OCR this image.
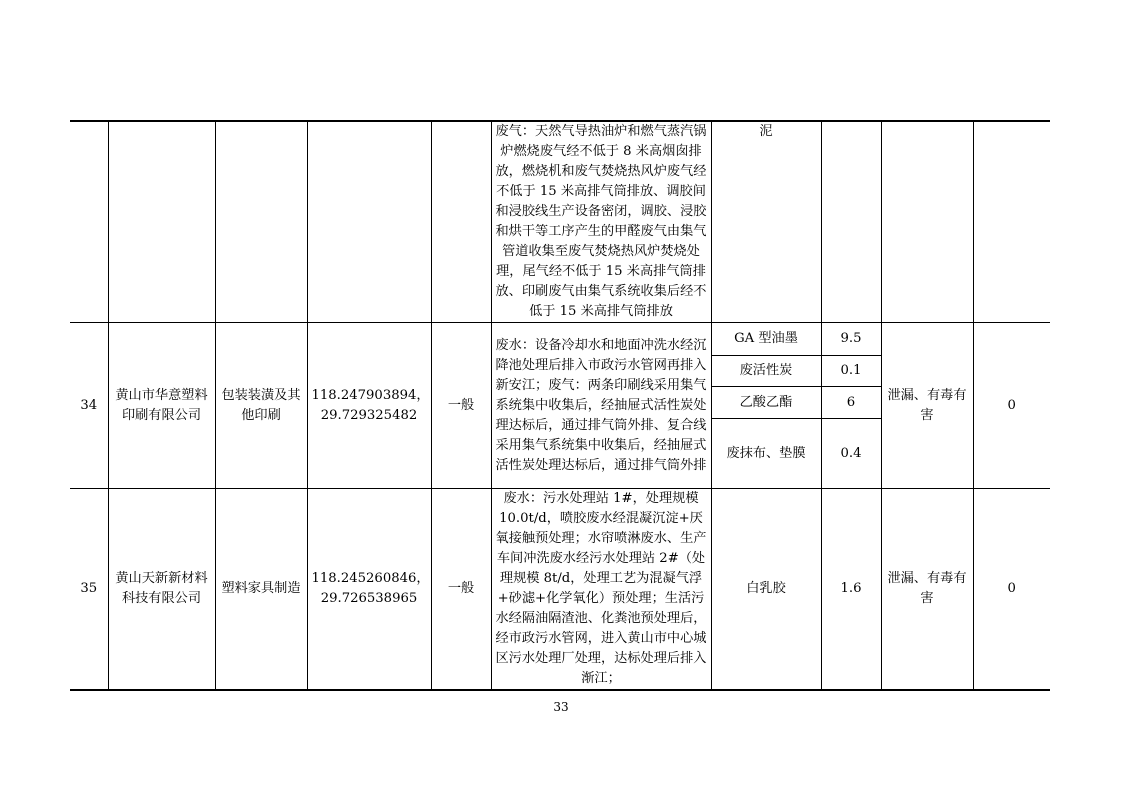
					废气：天然气导热油炉和燃气蒸汽锅炉燃烧废气经不低于 8 米高烟囱排放，燃烧机和废气焚烧热风炉废气经不低于 15 米高排气筒排放、调胶间和浸胶线生产设备密闭，调胶、浸胶和烘干等工序产生的甲醛废气由集气管道收集至废气焚烧热风炉焚烧处理，尾气经不低于 15 米高排气筒排放、印刷废气由集气系统收集后经不低于 15 米高排气筒排放	泥			
34	黄山市华意塑料印刷有限公司	包装装潢及其他印刷	118.247903894，29.729325482	一般	废水：设备冷却水和地面冲洗水经沉降池处理后排入市政污水管网再排入新安江；废气：两条印刷线采用集气系统集中收集后，经抽屉式活性炭处理达标后，通过排气筒外排、复合线采用集气系统集中收集后，经抽屉式活性炭处理达标后，通过排气筒外排	GA 型油墨	9.5	泄漏、有毒有害	0
						废活性炭	0.1		
						乙酸乙酯	6		
						废抹布、垫膜	0.4		
35	黄山天新新材料科技有限公司	塑料家具制造	118.245260846，29.726538965	一般	废水：污水处理站 1#，处理规模 10.0t/d，喷胶废水经混凝沉淀+厌氧接触预处理；水帘喷淋废水、生产车间冲洗废水经污水处理站 2#（处理规模 8t/d，处理工艺为混凝气浮+砂滤+化学氧化）预处理；生活污水经隔油隔渣池、化粪池预处理后，经市政污水管网，进入黄山市中心城区污水处理厂处理，达标处理后排入渐江；	白乳胶	1.6	泄漏、有毒有害	0
33
